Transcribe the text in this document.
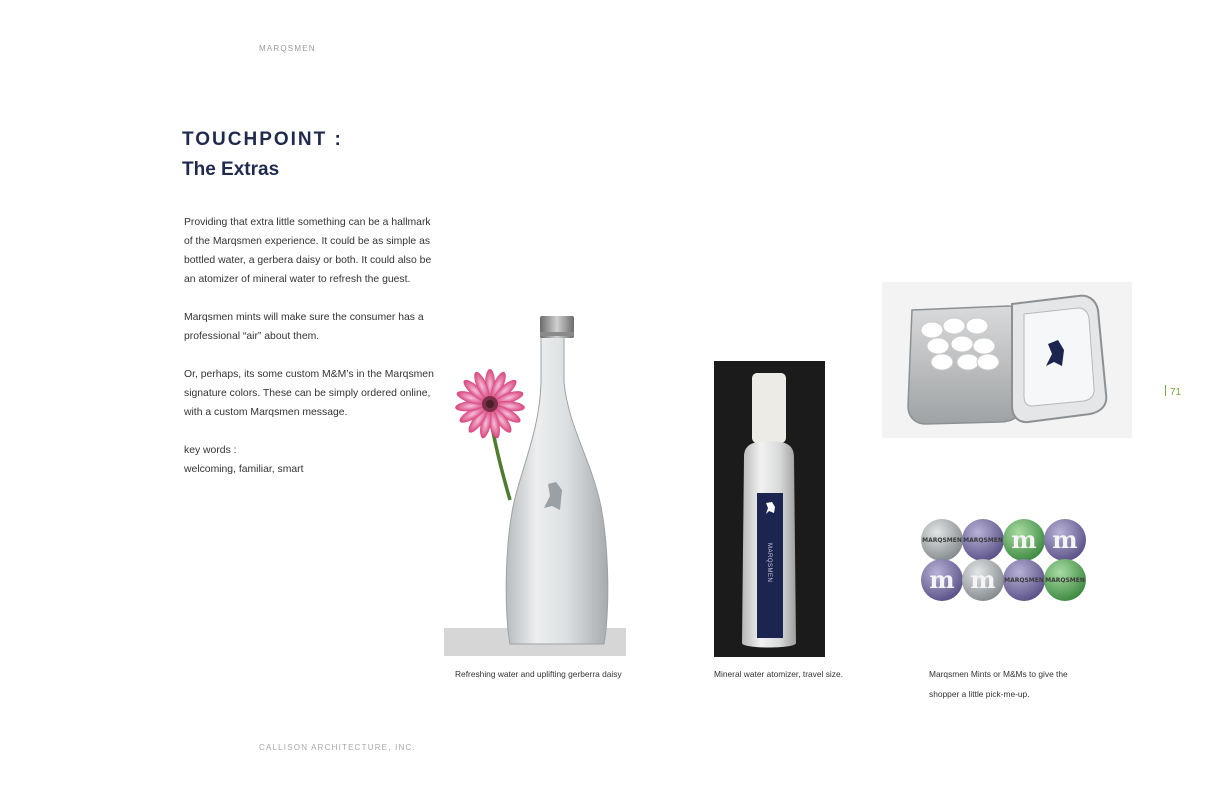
MARQSMEN
TOUCHPOINT :
The Extras

Providing that extra little something can be a hallmark of the Marqsmen experience. It could be as simple as bottled water, a gerbera daisy or both. It could also be an atomizer of mineral water to refresh the guest.

Marqsmen mints will make sure the consumer has a professional “air” about them.

Or, perhaps, its some custom M&M’s in the Marqsmen signature colors. These can be simply ordered online, with a custom Marqsmen message.

key words :

welcoming, familiar, smart

Refreshing water and uplifting gerberra daisy
MARQSMEN
Mineral water atomizer, travel size.
MARQSMEN MARQSMEN
MARQSMEN MARQSMEN
m m
m m
Marqsmen Mints or M&Ms to give the shopper a little pick-me-up.
71
CALLISON ARCHITECTURE, INC.
